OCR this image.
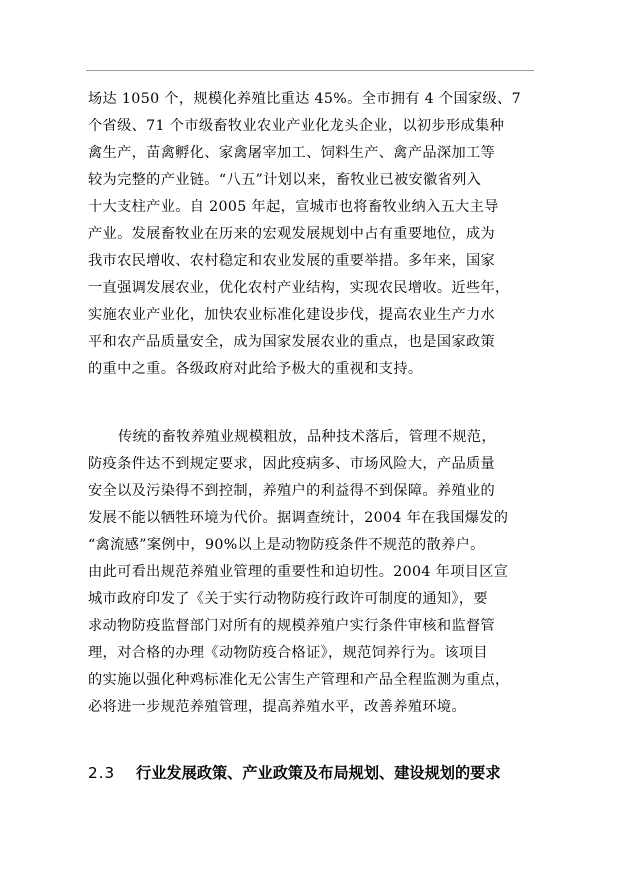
场达 1050 个，规模化养殖比重达 45%。全市拥有 4 个国家级、7
个省级、71 个市级畜牧业农业产业化龙头企业，以初步形成集种
禽生产，苗禽孵化、家禽屠宰加工、饲料生产、禽产品深加工等
较为完整的产业链。“八五”计划以来，畜牧业已被安徽省列入
十大支柱产业。自 2005 年起，宣城市也将畜牧业纳入五大主导
产业。发展畜牧业在历来的宏观发展规划中占有重要地位，成为
我市农民增收、农村稳定和农业发展的重要举措。多年来，国家
一直强调发展农业，优化农村产业结构，实现农民增收。近些年，
实施农业产业化，加快农业标准化建设步伐，提高农业生产力水
平和农产品质量安全，成为国家发展农业的重点，也是国家政策
的重中之重。各级政府对此给予极大的重视和支持。
传统的畜牧养殖业规模粗放，品种技术落后，管理不规范，
防疫条件达不到规定要求，因此疫病多、市场风险大，产品质量
安全以及污染得不到控制，养殖户的利益得不到保障。养殖业的
发展不能以牺牲环境为代价。据调查统计，2004 年在我国爆发的
“禽流感”案例中，90%以上是动物防疫条件不规范的散养户。
由此可看出规范养殖业管理的重要性和迫切性。2004 年项目区宣
城市政府印发了《关于实行动物防疫行政许可制度的通知》，要
求动物防疫监督部门对所有的规模养殖户实行条件审核和监督管
理，对合格的办理《动物防疫合格证》，规范饲养行为。该项目
的实施以强化种鸡标准化无公害生产管理和产品全程监测为重点，
必将进一步规范养殖管理，提高养殖水平，改善养殖环境。
2.3 行业发展政策、产业政策及布局规划、建设规划的要求
